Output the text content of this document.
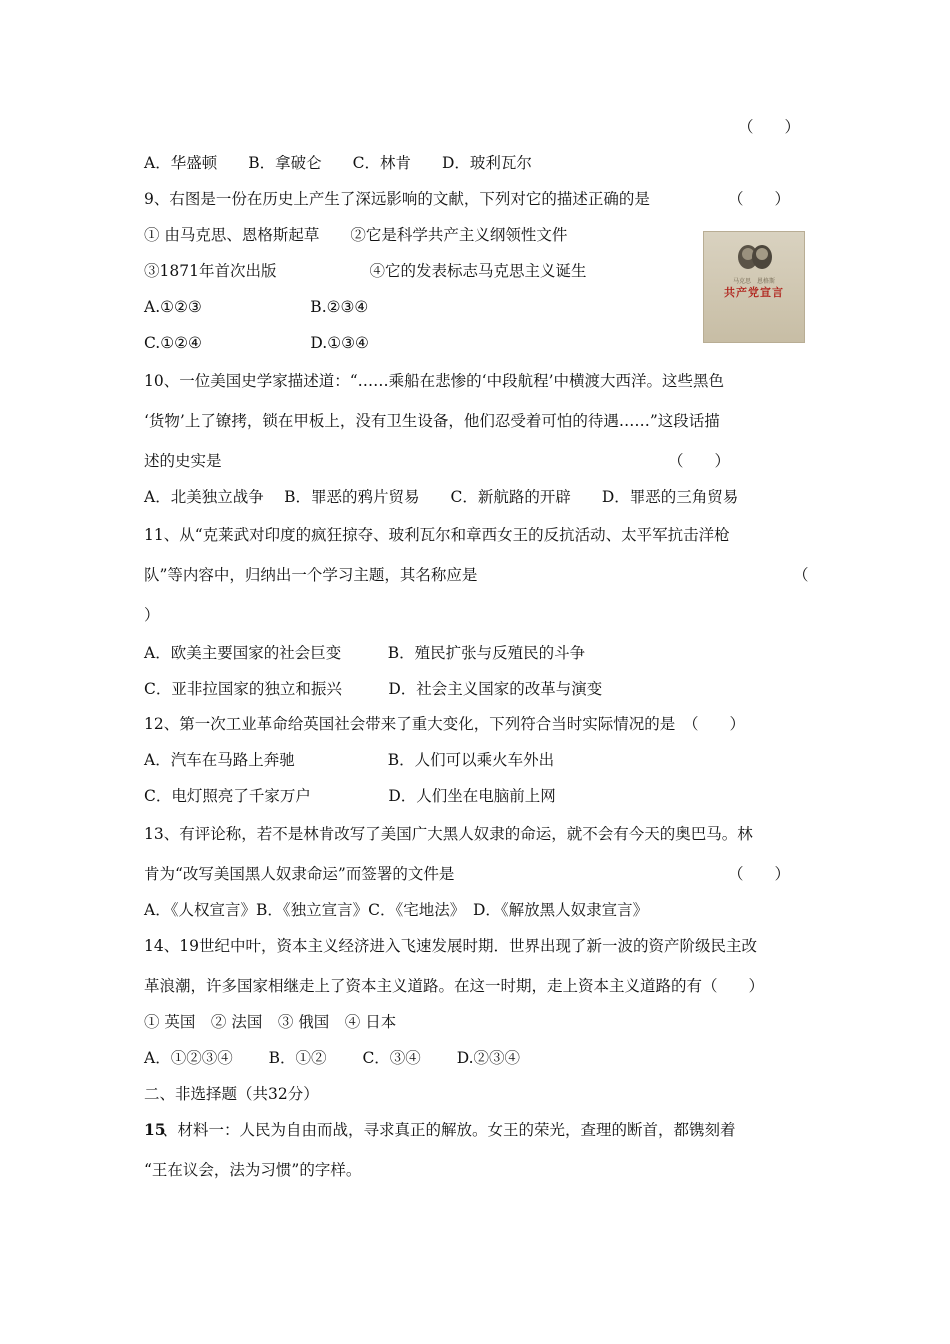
（　　）
A．华盛顿　　B．拿破仑　　C．林肯　　D．玻利瓦尔
9、右图是一份在历史上产生了深远影响的文献，下列对它的描述正确的是	（　　）
① 由马克思、恩格斯起草　　②它是科学共产主义纲领性文件
③1871年首次出版　　　　　　④它的发表标志马克思主义诞生
A.①②③　　　　　　　B.②③④
C.①②④　　　　　　　D.①③④
10、一位美国史学家描述道：“……乘船在悲惨的‘中段航程’中横渡大西洋。这些黑色
‘货物’上了镣拷，锁在甲板上，没有卫生设备，他们忍受着可怕的待遇……”这段话描
述的史实是	（　　）
A．北美独立战争　 B．罪恶的鸦片贸易　　C．新航路的开辟　　D．罪恶的三角贸易
11、从“克莱武对印度的疯狂掠夺、玻利瓦尔和章西女王的反抗活动、太平军抗击洋枪
队”等内容中，归纳出一个学习主题，其名称应是	（
）
A．欧美主要国家的社会巨变　　　B．殖民扩张与反殖民的斗争
C．亚非拉国家的独立和振兴　　　D．社会主义国家的改革与演变
12、第一次工业革命给英国社会带来了重大变化，下列符合当时实际情况的是　（　　）
A．汽车在马路上奔驰　　　　　　B．人们可以乘火车外出
C．电灯照亮了千家万户　　　　　D．人们坐在电脑前上网
13、有评论称，若不是林肯改写了美国广大黑人奴隶的命运，就不会有今天的奥巴马。林
肯为“改写美国黑人奴隶命运”而签署的文件是	（　　）
A．《人权宣言》B．《独立宣言》C．《宅地法》　D．《解放黑人奴隶宣言》
14、19世纪中叶，资本主义经济进入飞速发展时期．世界出现了新一波的资产阶级民主改
革浪潮，许多国家相继走上了资本主义道路。在这一时期，走上资本主义道路的有（　　）
① 英国　② 法国　③ 俄国　④ 日本
A．①②③④　　 B．①②　　 C．③④　　 D.②③④
二、非选择题（共32分）
15
、材料一：人民为自由而战，寻求真正的解放。女王的荣光，查理的断首，都镌刻着
“王在议会，法为习惯”的字样。
马克思　恩格斯
共产党宣言
